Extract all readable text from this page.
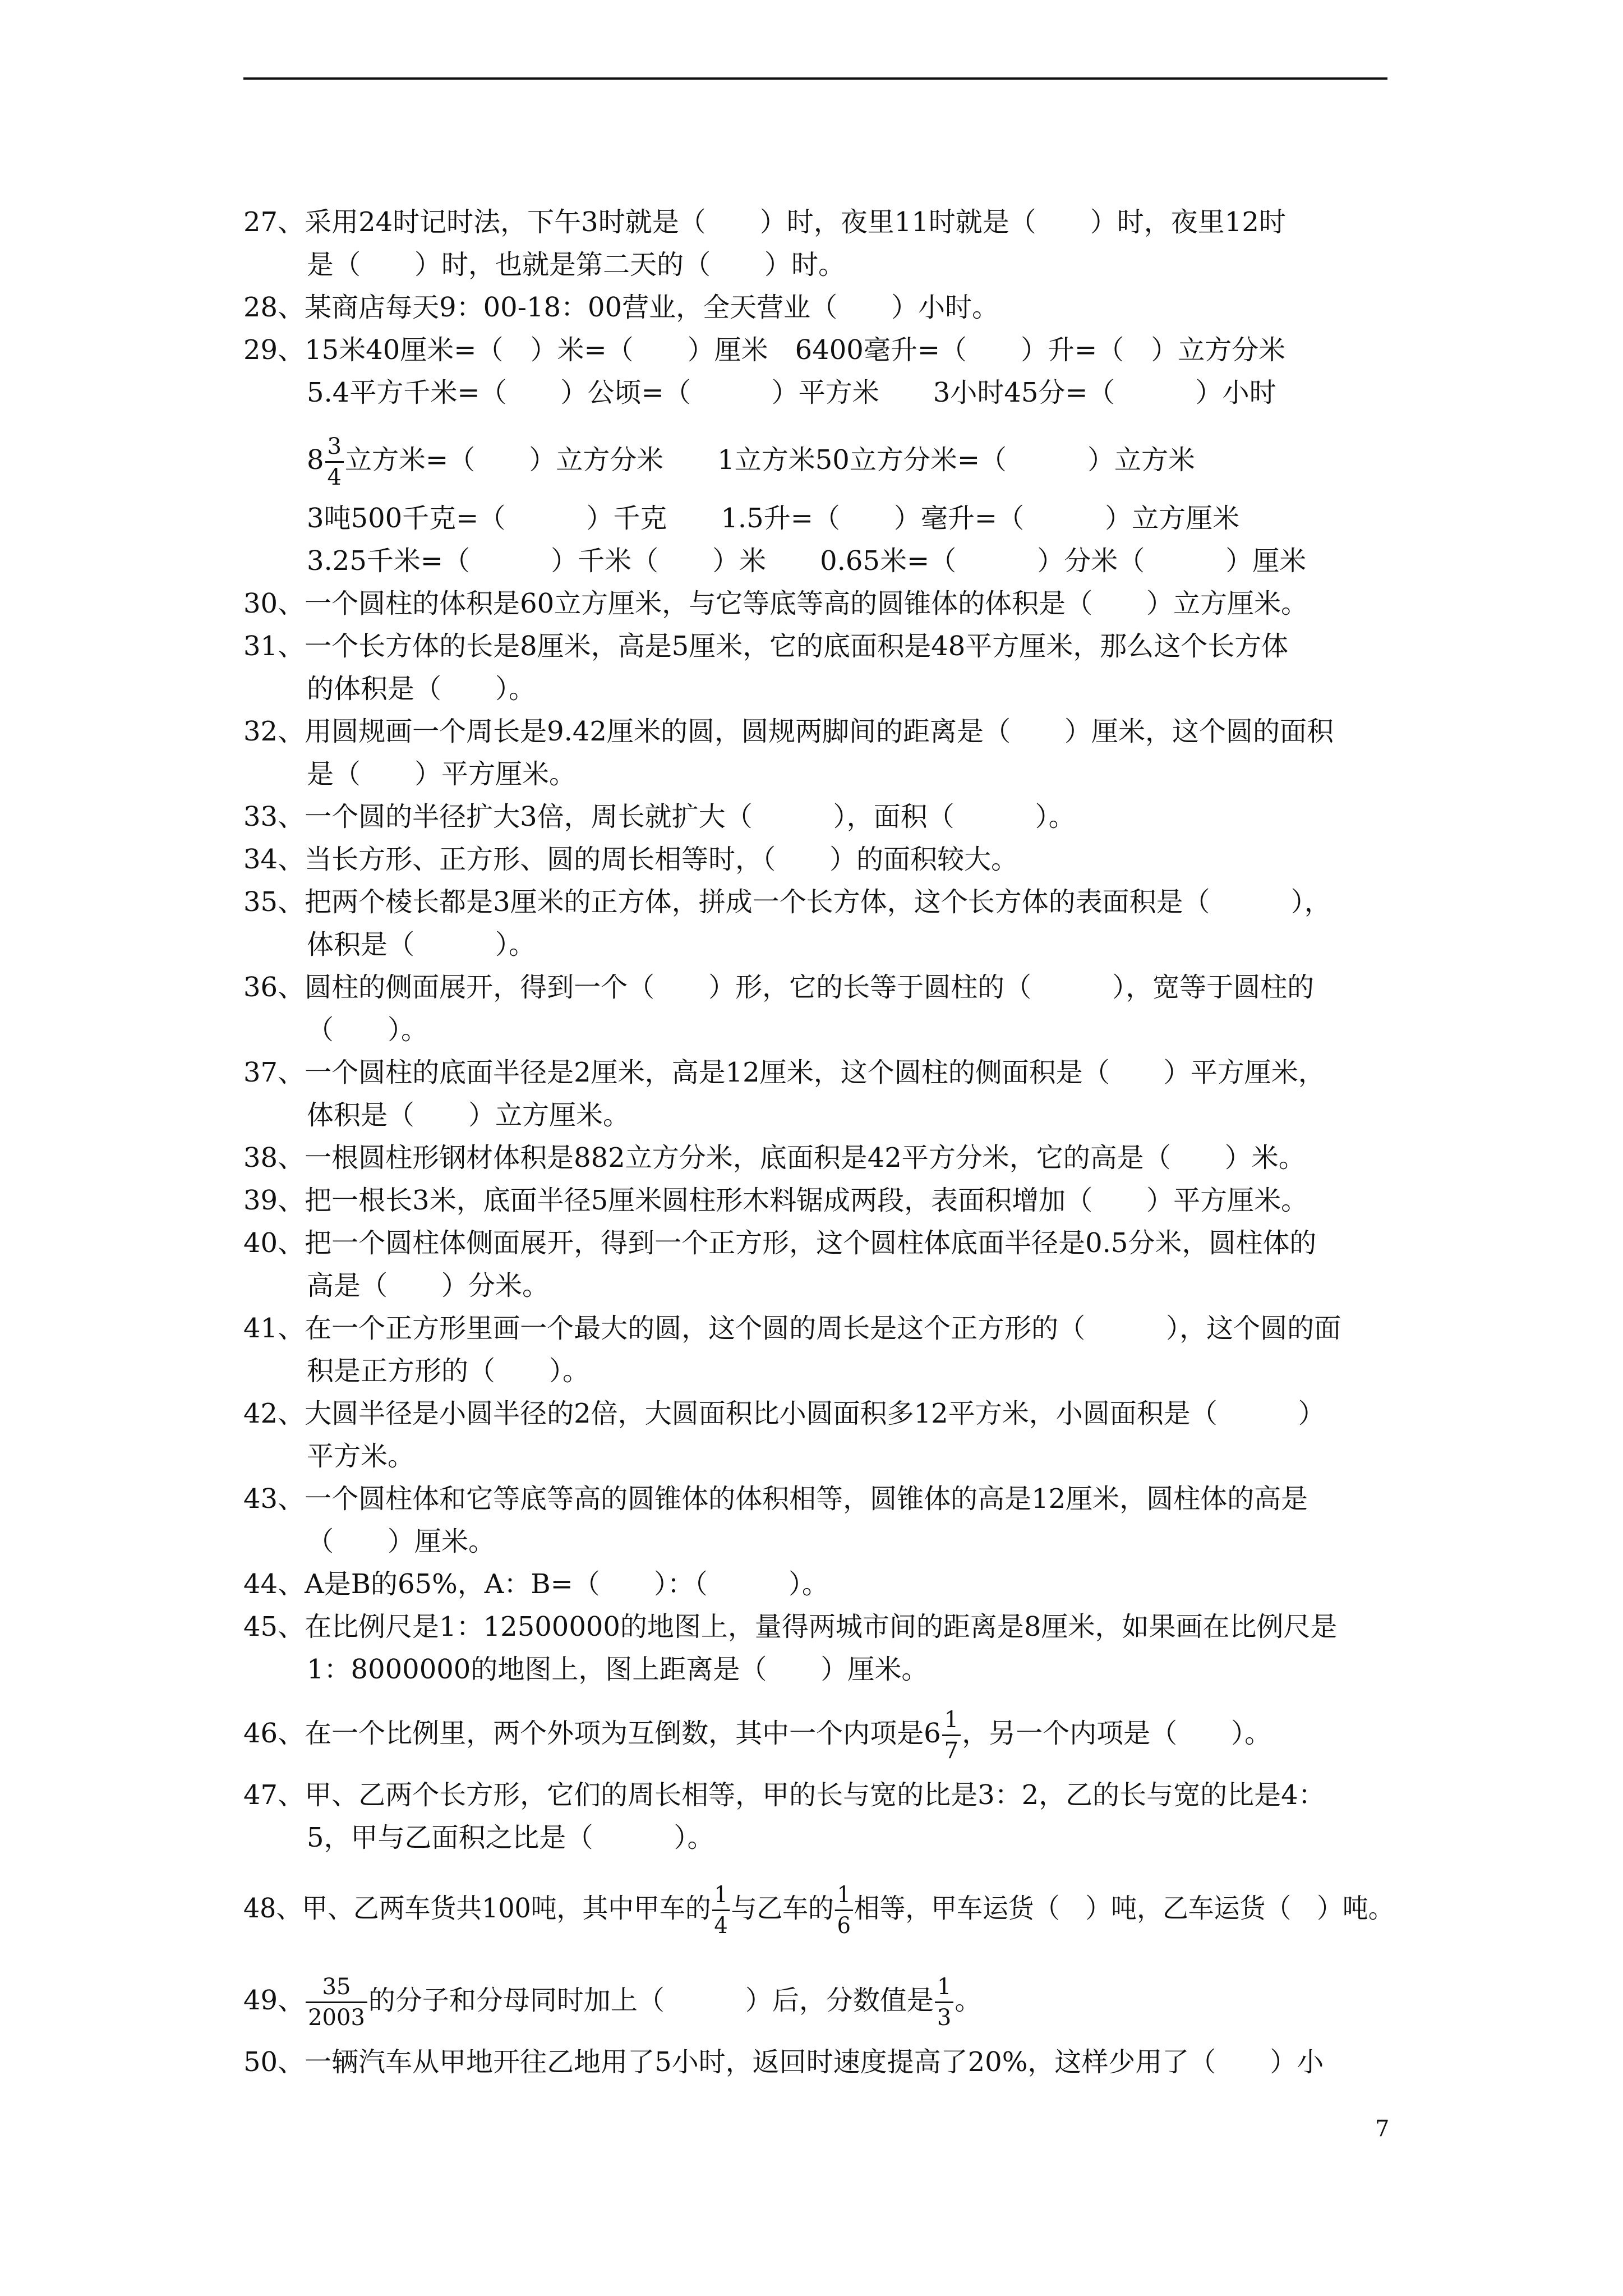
27、采用24时记时法，下午3时就是（　　）时，夜里11时就是（　　）时，夜里12时
是（　　）时，也就是第二天的（　　）时。
28、某商店每天9：00-18：00营业，全天营业（　　）小时。
29、15米40厘米=（　）米=（　　）厘米　6400毫升=（　　）升=（　）立方分米
5.4平方千米=（　　）公顷=（　　　）平方米　　3小时45分=（　　　）小时
$8 \frac{3}{4}$ 立方米=（　　）立方分米　　1立方米50立方分米=（　　　）立方米
3吨500千克=（　　　）千克　　1.5升=（　　）毫升=（　　　）立方厘米
3.25千米=（　　　）千米（　　）米　　0.65米=（　　　）分米（　　　）厘米
30、一个圆柱的体积是60立方厘米，与它等底等高的圆锥体的体积是（　　）立方厘米。
31、一个长方体的长是8厘米，高是5厘米，它的底面积是48平方厘米，那么这个长方体
的体积是（　　）。
32、用圆规画一个周长是9.42厘米的圆，圆规两脚间的距离是（　　）厘米，这个圆的面积
是（　　）平方厘米。
33、一个圆的半径扩大3倍，周长就扩大（　　　），面积（　　　）。
34、当长方形、正方形、圆的周长相等时，（　　）的面积较大。
35、把两个棱长都是3厘米的正方体，拼成一个长方体，这个长方体的表面积是（　　　），
体积是（　　　）。
36、圆柱的侧面展开，得到一个（　　）形，它的长等于圆柱的（　　　），宽等于圆柱的
（　　）。
37、一个圆柱的底面半径是2厘米，高是12厘米，这个圆柱的侧面积是（　　）平方厘米，
体积是（　　）立方厘米。
38、一根圆柱形钢材体积是882立方分米，底面积是42平方分米，它的高是（　　）米。
39、把一根长3米，底面半径5厘米圆柱形木料锯成两段，表面积增加（　　）平方厘米。
40、把一个圆柱体侧面展开，得到一个正方形，这个圆柱体底面半径是0.5分米，圆柱体的
高是（　　）分米。
41、在一个正方形里画一个最大的圆，这个圆的周长是这个正方形的（　　　），这个圆的面
积是正方形的（　　）。
42、大圆半径是小圆半径的2倍，大圆面积比小圆面积多12平方米，小圆面积是（　　　）
平方米。
43、一个圆柱体和它等底等高的圆锥体的体积相等，圆锥体的高是12厘米，圆柱体的高是
（　　）厘米。
44、A是B的65%，A：B=（　　）：（　　　）。
45、在比例尺是1：12500000的地图上，量得两城市间的距离是8厘米，如果画在比例尺是
1：8000000的地图上，图上距离是（　　）厘米。
46、在一个比例里，两个外项为互倒数，其中一个内项是$6 \frac{1}{7}$ ，另一个内项是（　　）。
47、甲、乙两个长方形，它们的周长相等，甲的长与宽的比是3：2，乙的长与宽的比是4：
5，甲与乙面积之比是（　　　）。
48、甲、乙两车货共100吨，其中甲车的 $\frac{1}{4}$ 与乙车的 $\frac{1}{6}$ 相等，甲车运货（　）吨，乙车运货（　）吨。
49、 $\frac{35}{2003}$ 的分子和分母同时加上（　　　）后，分数值是 $\frac{1}{3}$ 。
50、一辆汽车从甲地开往乙地用了5小时，返回时速度提高了20%，这样少用了（　　）小
7
